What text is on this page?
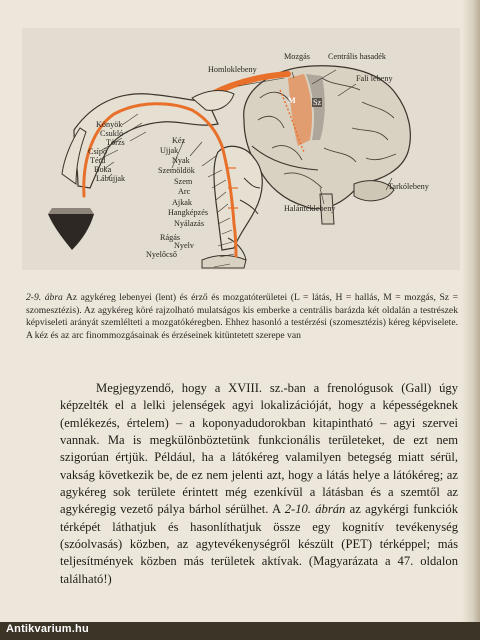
Homloklebeny
Mozgás Centrális hasadék
Fali lebeny
M Sz
Tarkólebeny
Halántéklebeny
Könyök
Csukló
Törzs
Csípő
Térd
Boka
Lábujjak
Kéz
Ujjak
Nyak
Szemöldök
Szem
Arc
Ajkak
Hangképzés
Nyálazás
Rágás
Nyelv
Nyelőcső
2-9. ábra Az agykéreg lebenyei (lent) és érző és mozgatóterületei (L = látás, H = hallás, M = mozgás, Sz = szomesztézis). Az agykéreg köré rajzolható mulatságos kis emberke a centrális barázda két oldalán a testrészek képviseleti arányát szemlélteti a mozgatókéregben. Ehhez hasonló a testérzési (szomesztézis) kéreg képviselete. A kéz és az arc finommozgásainak és érzéseinek kitüntetett szerepe van

Megjegyzendő, hogy a XVIII. sz.-ban a frenológusok (Gall) úgy képzelték el a lelki jelenségek agyi lokalizációját, hogy a képességeknek (emlékezés, értelem) – a koponyadudorokban kitapintható – agyi szervei vannak. Ma is megkülönböztetünk funkcionális területeket, de ezt nem szigorúan értjük. Például, ha a látókéreg valamilyen betegség miatt sérül, vakság következik be, de ez nem jelenti azt, hogy a látás helye a látókéreg; az agykéreg sok területe érintett még ezenkívül a látásban és a szemtől az agykéregig vezető pálya bárhol sérülhet. A 2-10. ábrán az agykérgi funkciók térképét láthatjuk és hasonlíthatjuk össze egy kognitív tevékenység (szóolvasás) közben, az agytevékenységről készült (PET) térképpel; más teljesítmények közben más területek aktívak. (Magyarázata a 47. oldalon található!)

Antikvarium.hu
